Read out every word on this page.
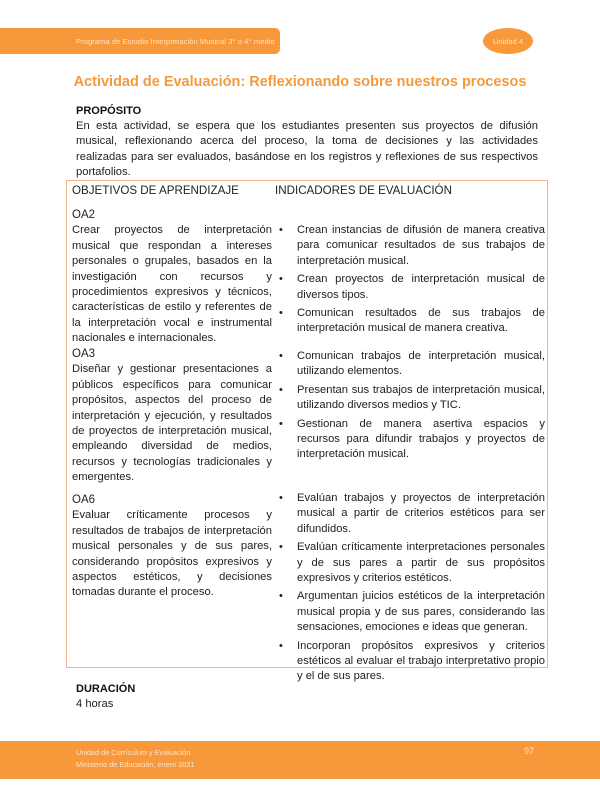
Programa de Estudio Interpretación Musical 3° o 4° medio	Unidad 4
Actividad de Evaluación: Reflexionando sobre nuestros procesos
PROPÓSITO
En esta actividad, se espera que los estudiantes presenten sus proyectos de difusión musical, reflexionando acerca del proceso, la toma de decisiones y las actividades realizadas para ser evaluados, basándose en los registros y reflexiones de sus respectivos portafolios.
OBJETIVOS DE APRENDIZAJE	INDICADORES DE EVALUACIÓN
OA2
Crear proyectos de interpretación musical que respondan a intereses personales o grupales, basados en la investigación con recursos y procedimientos expresivos y técnicos, características de estilo y referentes de la interpretación vocal e instrumental nacionales e internacionales.
• Crean instancias de difusión de manera creativa para comunicar resultados de sus trabajos de interpretación musical.
• Crean proyectos de interpretación musical de diversos tipos.
• Comunican resultados de sus trabajos de interpretación musical de manera creativa.
OA3
Diseñar y gestionar presentaciones a públicos específicos para comunicar propósitos, aspectos del proceso de interpretación y ejecución, y resultados de proyectos de interpretación musical, empleando diversidad de medios, recursos y tecnologías tradicionales y emergentes.
• Comunican trabajos de interpretación musical, utilizando elementos.
• Presentan sus trabajos de interpretación musical, utilizando diversos medios y TIC.
• Gestionan de manera asertiva espacios y recursos para difundir trabajos y proyectos de interpretación musical.
OA6
Evaluar críticamente procesos y resultados de trabajos de interpretación musical personales y de sus pares, considerando propósitos expresivos y aspectos estéticos, y decisiones tomadas durante el proceso.
• Evalúan trabajos y proyectos de interpretación musical a partir de criterios estéticos para ser difundidos.
• Evalúan críticamente interpretaciones personales y de sus pares a partir de sus propósitos expresivos y criterios estéticos.
• Argumentan juicios estéticos de la interpretación musical propia y de sus pares, considerando las sensaciones, emociones e ideas que generan.
• Incorporan propósitos expresivos y criterios estéticos al evaluar el trabajo interpretativo propio y el de sus pares.
DURACIÓN
4 horas
Unidad de Currículum y Evaluación
Ministerio de Educación, enero 2021
97
